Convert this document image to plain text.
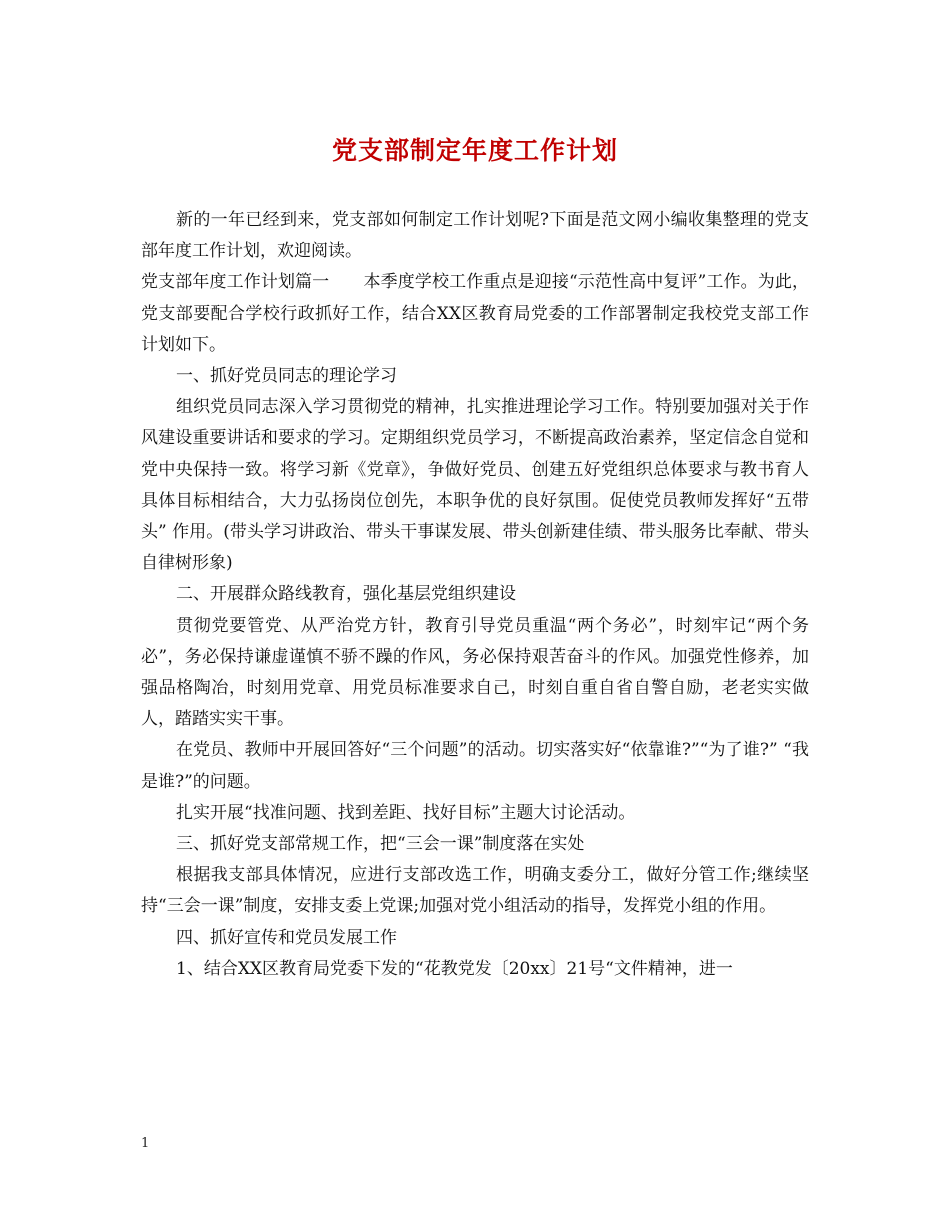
党支部制定年度工作计划

新的一年已经到来，党支部如何制定工作计划呢?下面是范文网小编收集整理的党支部年度工作计划，欢迎阅读。

党支部年度工作计划篇一　　本季度学校工作重点是迎接“示范性高中复评”工作。为此，党支部要配合学校行政抓好工作，结合XX区教育局党委的工作部署制定我校党支部工作计划如下。

一、抓好党员同志的理论学习

组织党员同志深入学习贯彻党的精神，扎实推进理论学习工作。特别要加强对关于作风建设重要讲话和要求的学习。定期组织党员学习，不断提高政治素养，坚定信念自觉和党中央保持一致。将学习新《党章》，争做好党员、创建五好党组织总体要求与教书育人具体目标相结合，大力弘扬岗位创先，本职争优的良好氛围。促使党员教师发挥好“五带头” 作用。(带头学习讲政治、带头干事谋发展、带头创新建佳绩、带头服务比奉献、带头自律树形象)

二、开展群众路线教育，强化基层党组织建设

贯彻党要管党、从严治党方针，教育引导党员重温“两个务必”，时刻牢记“两个务必”，务必保持谦虚谨慎不骄不躁的作风，务必保持艰苦奋斗的作风。加强党性修养，加强品格陶冶，时刻用党章、用党员标准要求自己，时刻自重自省自警自励，老老实实做人，踏踏实实干事。

在党员、教师中开展回答好“三个问题”的活动。切实落实好“依靠谁?”“为了谁?” “我是谁?”的问题。

扎实开展“找准问题、找到差距、找好目标”主题大讨论活动。

三、抓好党支部常规工作，把“三会一课”制度落在实处

根据我支部具体情况，应进行支部改选工作，明确支委分工，做好分管工作;继续坚持“三会一课”制度，安排支委上党课;加强对党小组活动的指导，发挥党小组的作用。

四、抓好宣传和党员发展工作

1、结合XX区教育局党委下发的“花教党发〔20xx〕21号“文件精神，进一

1
